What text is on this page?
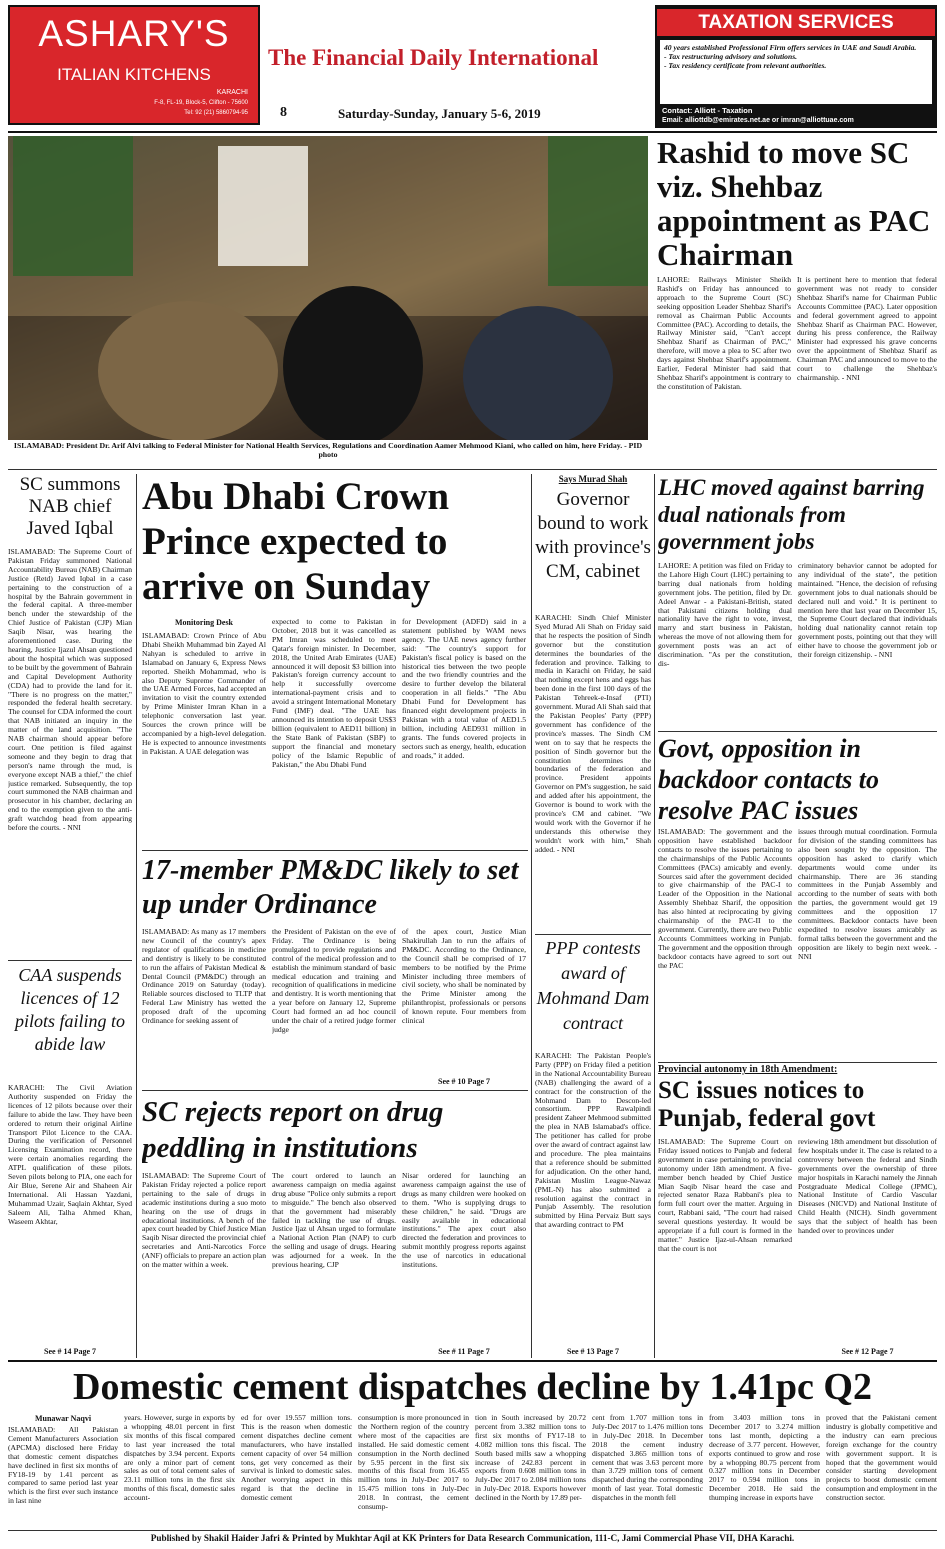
ASHARY'S
ITALIAN KITCHENS
KARACHI
F-8, FL-19, Block-5, Clifton - 75600
Tel: 92 (21) 5860794-95
The Financial Daily International
8	Saturday-Sunday, January 5-6, 2019
TAXATION SERVICES
40 years established Professional Firm offers services in UAE and Saudi Arabia.
- Tax restructuring advisory and solutions.
- Tax residency certificate from relevant authorities.
Contact: Alliott - Taxation
Email: alliottdb@emirates.net.ae or imran@alliottuae.com
ISLAMABAD: President Dr. Arif Alvi talking to Federal Minister for National Health Services, Regulations and Coordination Aamer Mehmood Kiani, who called on him, here Friday. - PID photo
Rashid to move SC viz. Shehbaz appointment as PAC Chairman
LAHORE: Railways Minister Sheikh Rashid's on Friday has announced to approach to the Supreme Court (SC) seeking opposition Leader Shehbaz Sharif's removal as Chairman Public Accounts Committee (PAC). According to details, the Railway Minister said, "Can't accept Shehbaz Sharif as Chairman of PAC," therefore, will move a plea to SC after two days against Shehbaz Sharif's appointment. Earlier, Federal Minister had said that Shehbaz Sharif's appointment is contrary to the constitution of Pakistan.
It is pertinent here to mention that federal government was not ready to consider Shehbaz Sharif's name for Chairman Public Accounts Committee (PAC). Later opposition and federal government agreed to appoint Shehbaz Sharif as Chairman PAC. However, during his press conference, the Railway Minister had expressed his grave concerns over the appointment of Shehbaz Sharif as Chairman PAC and announced to move to the court to challenge the Shehbaz's chairmanship. - NNI
SC summons NAB chief Javed Iqbal
ISLAMABAD: The Supreme Court of Pakistan Friday summoned National Accountability Bureau (NAB) Chairman Justice (Retd) Javed Iqbal in a case pertaining to the construction of a hospital by the Bahrain government in the federal capital. A three-member bench under the stewardship of the Chief Justice of Pakistan (CJP) Mian Saqib Nisar, was hearing the aforementioned case. During the hearing, Justice Ijazul Ahsan questioned about the hospital which was supposed to be built by the government of Bahrain and Capital Development Authority (CDA) had to provide the land for it. "There is no progress on the matter," responded the federal health secretary. The counsel for CDA informed the court that NAB initiated an inquiry in the matter of the land acquisition. "The NAB chairman should appear before court. One petition is filed against someone and they begin to drag that person's name through the mud, is everyone except NAB a thief," the chief justice remarked. Subsequently, the top court summoned the NAB chairman and prosecutor in his chamber, declaring an end to the exemption given to the anti-graft watchdog head from appearing before the courts. - NNI
CAA suspends licences of 12 pilots failing to abide law
KARACHI: The Civil Aviation Authority suspended on Friday the licences of 12 pilots because over their failure to abide the law. They have been ordered to return their original Airline Transport Pilot Licence to the CAA. During the verification of Personnel Licensing Examination record, there were certain anomalies regarding the ATPL qualification of these pilots. Seven pilots belong to PIA, one each for Air Blue, Serene Air and Shaheen Air International. Ali Hassan Yazdani, Muhammad Uzair, Saqlain Akhtar, Syed Saleem Ali, Talha Ahmed Khan, Waseem Akhtar,
See # 14 Page 7
Abu Dhabi Crown Prince expected to arrive on Sunday
Monitoring Desk
ISLAMABAD: Crown Prince of Abu Dhabi Sheikh Muhammad bin Zayed Al Nahyan is scheduled to arrive in Islamabad on January 6, Express News reported. Sheikh Mohammad, who is also Deputy Supreme Commander of the UAE Armed Forces, had accepted an invitation to visit the country extended by Prime Minister Imran Khan in a telephonic conversation last year. Sources the crown prince will be accompanied by a high-level delegation. He is expected to announce investments in Pakistan. A UAE delegation was
expected to come to Pakistan in October, 2018 but it was cancelled as PM Imran was scheduled to meet Qatar's foreign minister. In December, 2018, the United Arab Emirates (UAE) announced it will deposit $3 billion into Pakistan's foreign currency account to help it successfully overcome international-payment crisis and to avoid a stringent International Monetary Fund (IMF) deal. "The UAE has announced its intention to deposit US$3 billion (equivalent to AED11 billion) in the State Bank of Pakistan (SBP) to support the financial and monetary policy of the Islamic Republic of Pakistan," the Abu Dhabi Fund
for Development (ADFD) said in a statement published by WAM news agency. The UAE news agency further said: "The country's support for Pakistan's fiscal policy is based on the historical ties between the two people and the two friendly countries and the desire to further develop the bilateral cooperation in all fields." "The Abu Dhabi Fund for Development has financed eight development projects in Pakistan with a total value of AED1.5 billion, including AED931 million in grants. The funds covered projects in sectors such as energy, health, education and roads," it added.
17-member PM&DC likely to set up under Ordinance
ISLAMABAD: As many as 17 members new Council of the country's apex regulator of qualifications in medicine and dentistry is likely to be constituted to run the affairs of Pakistan Medical & Dental Council (PM&DC) through an Ordinance 2019 on Saturday (today). Reliable sources disclosed to TLTP that Federal Law Ministry has wetted the proposed draft of the upcoming Ordinance for seeking assent of
the President of Pakistan on the eve of Friday. The Ordinance is being promulgated to provide regulations and control of the medical profession and to establish the minimum standard of basic medical education and training and recognition of qualifications in medicine and dentistry. It is worth mentioning that a year before on January 12, Supreme Court had formed an ad hoc council under the chair of a retired judge former judge
of the apex court, Justice Mian Shakirullah Jan to run the affairs of PM&DC. According to the Ordinance, the Council shall be comprised of 17 members to be notified by the Prime Minister including three members of civil society, who shall be nominated by the Prime Minister among the philanthropist, professionals or persons of known repute. Four members from clinical
See # 10 Page 7
SC rejects report on drug peddling in institutions
ISLAMABAD: The Supreme Court of Pakistan Friday rejected a police report pertaining to the sale of drugs in academic institutions during a suo moto hearing on the use of drugs in educational institutions. A bench of the apex court headed by Chief Justice Mian Saqib Nisar directed the provincial chief secretaries and Anti-Narcotics Force (ANF) officials to prepare an action plan on the matter within a week.
The court ordered to launch an awareness campaign on media against drug abuse "Police only submits a report to misguide." The bench also observed that the government had miserably failed in tackling the use of drugs. Justice Ijaz ul Ahsan urged to formulate a National Action Plan (NAP) to curb the selling and usage of drugs. Hearing was adjourned for a week. In the previous hearing, CJP
Nisar ordered for launching an awareness campaign against the use of drugs as many children were hooked on to them. "Who is supplying drugs to these children," he said. "Drugs are easily available in educational institutions." The apex court also directed the federation and provinces to submit monthly progress reports against the use of narcotics in educational institutions.
See # 11 Page 7
Says Murad Shah
Governor bound to work with province's CM, cabinet
KARACHI: Sindh Chief Minister Syed Murad Ali Shah on Friday said that he respects the position of Sindh governor but the constitution determines the boundaries of the federation and province. Talking to media in Karachi on Friday, he said that nothing except hens and eggs has been done in the first 100 days of the Pakistan Tehreek-e-Insaf (PTI) government. Murad Ali Shah said that the Pakistan Peoples' Party (PPP) government has confidence of the province's masses. The Sindh CM went on to say that he respects the position of Sindh governor but the constitution determines the boundaries of the federation and province. President appoints Governor on PM's suggestion, he said and added after his appointment, the Governor is bound to work with the province's CM and cabinet. "We would work with the Governor if he understands this otherwise they wouldn't work with him," Shah added. - NNI
PPP contests award of Mohmand Dam contract
KARACHI: The Pakistan People's Party (PPP) on Friday filed a petition in the National Accountability Bureau (NAB) challenging the award of a contract for the construction of the Mohmand Dam to Descon-led consortium. PPP Rawalpindi president Zaheer Mehmood submitted the plea in NAB Islamabad's office. The petitioner has called for probe over the award of contract against law and procedure. The plea maintains that a reference should be submitted for adjudication. On the other hand, Pakistan Muslim League-Nawaz (PML-N) has also submitted a resolution against the contract in Punjab Assembly. The resolution submitted by Hina Pervaiz Butt says that awarding contract to PM
See # 13 Page 7
LHC moved against barring dual nationals from government jobs
LAHORE: A petition was filed on Friday to the Lahore High Court (LHC) pertaining to barring dual nationals from holding government jobs. The petition, filed by Dr. Adeel Anwar - a Pakistani-British, stated that Pakistani citizens holding dual nationality have the right to vote, invest, marry and start business in Pakistan, whereas the move of not allowing them for government posts was an act of discrimination. "As per the constitution, dis-
criminatory behavior cannot be adopted for any individual of the state", the petition maintained. "Hence, the decision of refusing government jobs to dual nationals should be declared null and void." It is pertinent to mention here that last year on December 15, the Supreme Court declared that individuals holding dual nationality cannot retain top government posts, pointing out that they will either have to choose the government job or their foreign citizenship. - NNI
Govt, opposition in backdoor contacts to resolve PAC issues
ISLAMABAD: The government and the opposition have established backdoor contacts to resolve the issues pertaining to the chairmanships of the Public Accounts Committees (PACs) amicably and evenly. Sources said after the government decided to give chairmanship of the PAC-I to Leader of the Opposition in the National Assembly Shehbaz Sharif, the opposition has also hinted at reciprocating by giving chairmanship of the PAC-II to the government. Currently, there are two Public Accounts Committees working in Punjab. The government and the opposition through backdoor contacts have agreed to sort out the PAC
issues through mutual coordination. Formula for division of the standing committees has also been sought by the opposition. The opposition has asked to clarify which departments would come under its chairmanship. There are 36 standing committees in the Punjab Assembly and according to the number of seats with both the parties, the government would get 19 committees and the opposition 17 committees. Backdoor contacts have been expedited to resolve issues amicably as formal talks between the government and the opposition are likely to begin next week. - NNI
Provincial autonomy in 18th Amendment:
SC issues notices to Punjab, federal govt
ISLAMABAD: The Supreme Court on Friday issued notices to Punjab and federal government in case pertaining to provincial autonomy under 18th amendment. A five-member bench headed by Chief Justice Mian Saqib Nisar heard the case and rejected senator Raza Rabbani's plea to form full court over the matter. Arguing in court, Rabbani said, "The court had raised several questions yesterday. It would be appropriate if a full court is formed in the matter." Justice Ijaz-ul-Ahsan remarked that the court is not
reviewing 18th amendment but dissolution of few hospitals under it. The case is related to a controversy between the federal and Sindh governments over the ownership of three major hospitals in Karachi namely the Jinnah Postgraduate Medical College (JPMC), National Institute of Cardio Vascular Diseases (NICVD) and National Institute of Child Health (NICH). Sindh government says that the subject of health has been handed over to provinces under
See # 12 Page 7
Domestic cement dispatches decline by 1.41pc Q2
Munawar Naqvi
ISLAMABAD: All Pakistan Cement Manufacturers Association (APCMA) disclosed here Friday that domestic cement dispatches have declined in first six months of FY18-19 by 1.41 percent as compared to same period last year which is the first ever such instance in last nine
years. However, surge in exports by a whopping 48.01 percent in first six months of this fiscal compared to last year increased the total dispatches by 3.94 percent. Exports are only a minor part of cement sales as out of total cement sales of 23.11 million tons in the first six months of this fiscal, domestic sales account-
ed for over 19.557 million tons. This is the reason when domestic cement dispatches decline cement manufacturers, who have installed cement capacity of over 54 million tons, get very concerned as their survival is linked to domestic sales. Another worrying aspect in this regard is that the decline in domestic cement
consumption is more pronounced in the Northern region of the country where most of the capacities are installed. He said domestic cement consumption in the North declined by 5.95 percent in the first six months of this fiscal from 16.455 million tons in July-Dec 2017 to 15.475 million tons in July-Dec 2018. In contrast, the cement consump-
tion in South increased by 20.72 percent from 3.382 million tons to first six months of FY17-18 to 4.082 million tons this fiscal. The South based mills saw a whopping increase of 242.83 percent in exports from 0.608 million tons in July-Dec 2017 to 2.084 million tons in July-Dec 2018. Exports however declined in the North by 17.89 per-
cent from 1.707 million tons in July-Dec 2017 to 1.476 million tons in July-Dec 2018. In December 2018 the cement industry dispatched 3.865 million tons of cement that was 3.63 percent more than 3.729 million tons of cement dispatched during the corresponding month of last year. Total domestic dispatches in the month fell
from 3.403 million tons in December 2017 to 3.274 million tons last month, depicting a decrease of 3.77 percent. However, exports continued to grow and rose by a whopping 80.75 percent from 0.327 million tons in December 2017 to 0.594 million tons in December 2018. He said the thumping increase in exports have
proved that the Pakistani cement industry is globally competitive and the industry can earn precious foreign exchange for the country with government support. It is hoped that the government would consider starting development projects to boost domestic cement consumption and employment in the construction sector.
Published by Shakil Haider Jafri & Printed by Mukhtar Aqil at KK Printers for Data Research Communication, 111-C, Jami Commercial Phase VII, DHA Karachi.
